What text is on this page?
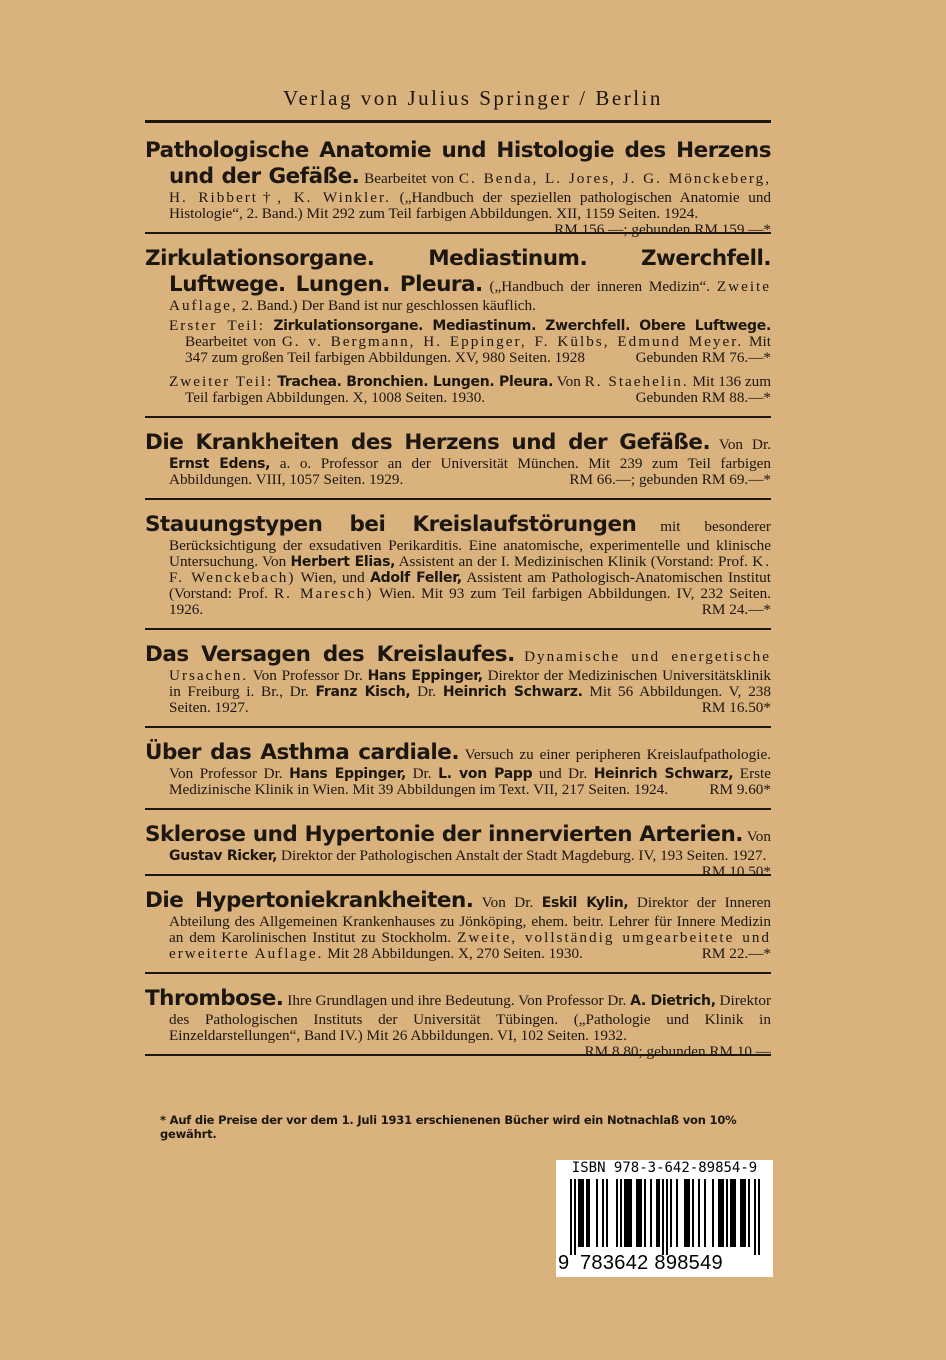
Verlag von Julius Springer / Berlin
Pathologische Anatomie und Histologie des Herzens und der Gefäße. Bearbeitet von C. Benda, L. Jores, J. G. Mönckeberg, H. Ribbert†, K. Winkler. („Handbuch der speziellen pathologischen Anatomie und Histologie“, 2. Band.) Mit 292 zum Teil farbigen Abbildungen. XII, 1159 Seiten. 1924.
RM 156.—; gebunden RM 159.—*
Zirkulationsorgane. Mediastinum. Zwerchfell. Luftwege. Lungen. Pleura. („Handbuch der inneren Medizin“. Zweite Auflage, 2. Band.) Der Band ist nur geschlossen käuflich.
Erster Teil: Zirkulationsorgane. Mediastinum. Zwerchfell. Obere Luftwege. Bearbeitet von G. v. Bergmann, H. Eppinger, F. Külbs, Edmund Meyer. Mit 347 zum großen Teil farbigen Abbildungen. XV, 980 Seiten. 1928	Gebunden RM 76.—*
Zweiter Teil: Trachea. Bronchien. Lungen. Pleura. Von R. Staehelin. Mit 136 zum Teil farbigen Abbildungen. X, 1008 Seiten. 1930.	Gebunden RM 88.—*
Die Krankheiten des Herzens und der Gefäße. Von Dr. Ernst Edens, a. o. Professor an der Universität München. Mit 239 zum Teil farbigen Abbildungen. VIII, 1057 Seiten. 1929.	RM 66.—; gebunden RM 69.—*
Stauungstypen bei Kreislaufstörungen mit besonderer Berücksichtigung der exsudativen Perikarditis. Eine anatomische, experimentelle und klinische Untersuchung. Von Herbert Elias, Assistent an der I. Medizinischen Klinik (Vorstand: Prof. K. F. Wenckebach) Wien, und Adolf Feller, Assistent am Pathologisch-Anatomischen Institut (Vorstand: Prof. R. Maresch) Wien. Mit 93 zum Teil farbigen Abbildungen. IV, 232 Seiten. 1926.	RM 24.—*
Das Versagen des Kreislaufes. Dynamische und energetische Ursachen. Von Professor Dr. Hans Eppinger, Direktor der Medizinischen Universitätsklinik in Freiburg i. Br., Dr. Franz Kisch, Dr. Heinrich Schwarz. Mit 56 Abbildungen. V, 238 Seiten. 1927.	RM 16.50*
Über das Asthma cardiale. Versuch zu einer peripheren Kreislaufpathologie. Von Professor Dr. Hans Eppinger, Dr. L. von Papp und Dr. Heinrich Schwarz, Erste Medizinische Klinik in Wien. Mit 39 Abbildungen im Text. VII, 217 Seiten. 1924.	RM 9.60*
Sklerose und Hypertonie der innervierten Arterien. Von Gustav Ricker, Direktor der Pathologischen Anstalt der Stadt Magdeburg. IV, 193 Seiten. 1927.
RM 10.50*
Die Hypertoniekrankheiten. Von Dr. Eskil Kylin, Direktor der Inneren Abteilung des Allgemeinen Krankenhauses zu Jönköping, ehem. beitr. Lehrer für Innere Medizin an dem Karolinischen Institut zu Stockholm. Zweite, vollständig umgearbeitete und erweiterte Auflage. Mit 28 Abbildungen. X, 270 Seiten. 1930.	RM 22.—*
Thrombose. Ihre Grundlagen und ihre Bedeutung. Von Professor Dr. A. Dietrich, Direktor des Pathologischen Instituts der Universität Tübingen. („Pathologie und Klinik in Einzeldarstellungen“, Band IV.) Mit 26 Abbildungen. VI, 102 Seiten. 1932.
RM 8.80; gebunden RM 10.—
* Auf die Preise der vor dem 1. Juli 1931 erschienenen Bücher wird ein Notnachlaß von 10% gewährt.
ISBN 978-3-642-89854-9
9 783642 898549
